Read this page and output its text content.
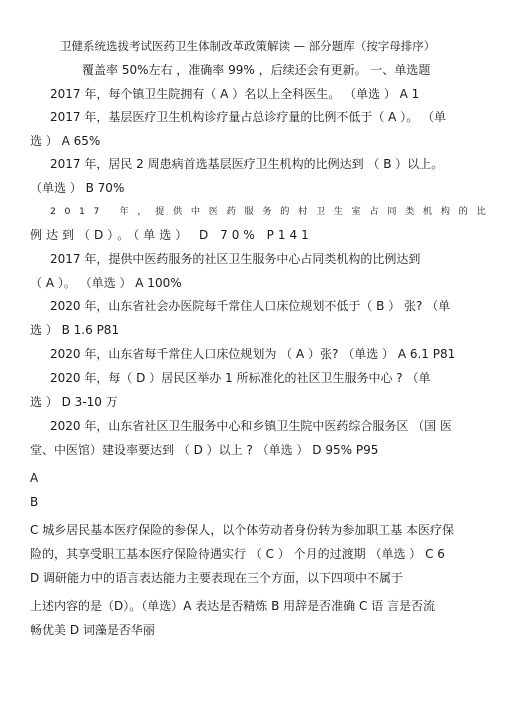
卫健系统选拔考试医药卫生体制改革政策解读 — 部分题库（按字母排序）

覆盖率 50%左右 ，准确率 99% ，后续还会有更新。 一、单选题

2017 年，每个镇卫生院拥有（ A ）名以上全科医生。 （单选 ） A 1

2017 年，基层医疗卫生机构诊疗量占总诊疗量的比例不低于（ A ）。 （单

选 ） A 65%

2017 年，居民 2 周患病首选基层医疗卫生机构的比例达到 （ B ）以上。

（单选 ） B 70%

2017 年，提供中医药服务的村卫生室占同类机构的比

例达到（D）。（单选） D 70% P141

2017 年，提供中医药服务的社区卫生服务中心占同类机构的比例达到

（ A ）。 （单选 ） A 100%

2020 年，山东省社会办医院每千常住人口床位规划不低于（ B ） 张? （单

选 ） B 1.6 P81

2020 年，山东省每千常住人口床位规划为 （ A ）张? （单选 ） A 6.1 P81

2020 年，每（ D ）居民区举办 1 所标准化的社区卫生服务中心 ? （单

选 ） D 3-10 万

2020 年，山东省社区卫生服务中心和乡镇卫生院中医药综合服务区 （国 医

堂、中医馆）建设率要达到 （ D ）以上 ? （单选 ） D 95% P95

A

B

C 城乡居民基本医疗保险的参保人，以个体劳动者身份转为参加职工基 本医疗保

险的，其享受职工基本医疗保险待遇实行 （ C ） 个月的过渡期 （单选 ） C 6

D 调研能力中的语言表达能力主要表现在三个方面，以下四项中不属于

上述内容的是（D）。（单选）A 表达是否精炼 B 用辞是否准确 C 语 言是否流

畅优美 D 词藻是否华丽
